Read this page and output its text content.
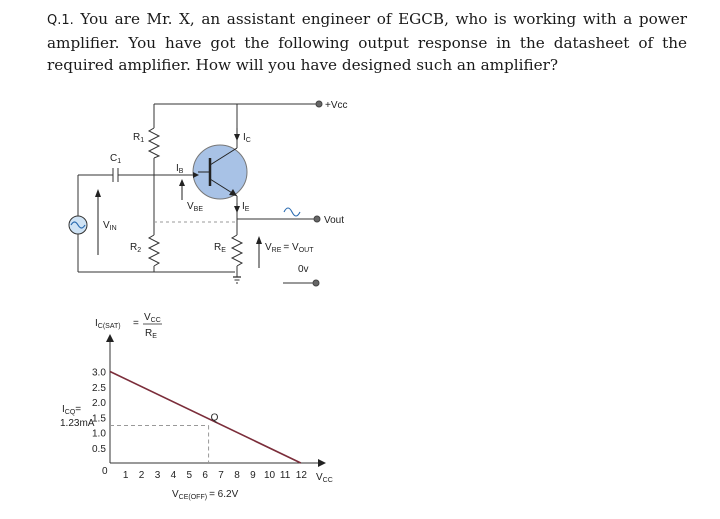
Q.1. You are Mr. X, an assistant engineer of EGCB, who is working with a power amplifier. You have got the following output response in the datasheet of the required amplifier. How will you have designed such an amplifier?
+Vcc
$R_1$
$C_1$
$V_{IN}$
$R_2$
$I_C$
$I_B$
$V_{BE}$	$I_E$
$R_E$	$V_{RE} = V_{OUT}$
Vout
0v
3.0
2.5
2.0
1.5
1.0
0.5
1 2 3 4 5 6 7 8 9 10 11 12
Q
$I_{C(SAT)}$ =
$V_{CC}$
$R_E$
$I_{CQ}=$
1.23mA
0
$V_{CC}$
$V_{CE(OFF)} = 6.2V$
